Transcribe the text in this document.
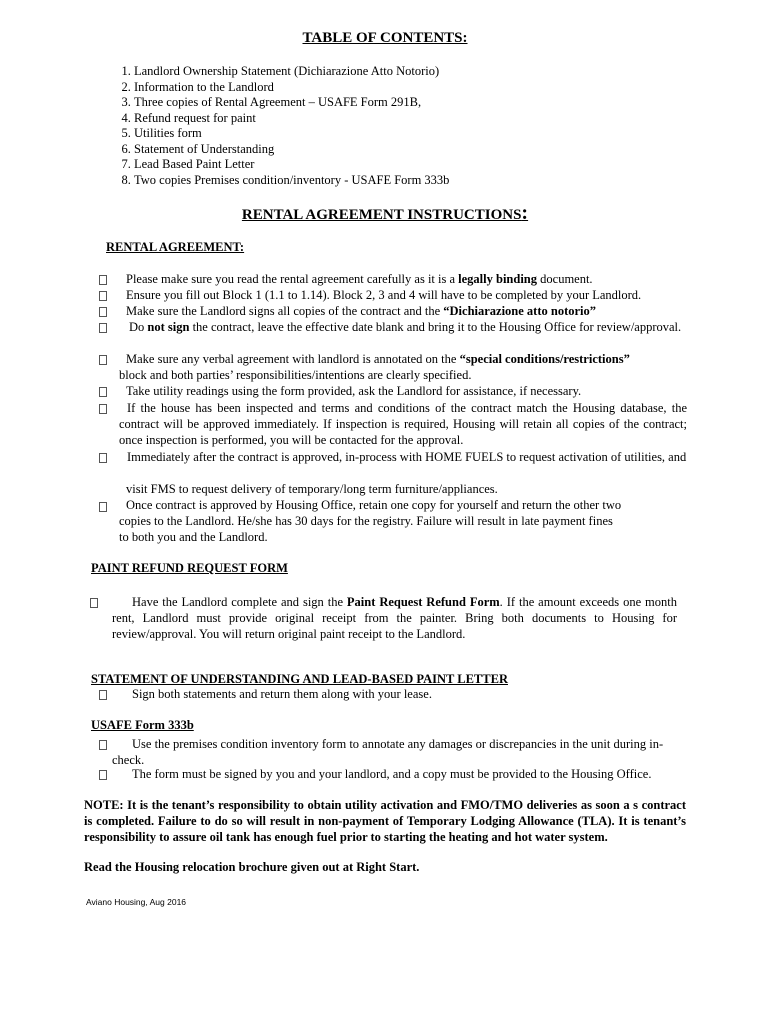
TABLE OF CONTENTS:
1. Landlord Ownership Statement (Dichiarazione Atto Notorio)
2. Information to the Landlord
3. Three copies of Rental Agreement – USAFE Form 291B,
4. Refund request for paint
5. Utilities form
6. Statement of Understanding
7. Lead Based Paint Letter
8. Two copies Premises condition/inventory - USAFE Form 333b
RENTAL AGREEMENT INSTRUCTIONS:
RENTAL AGREEMENT:
Please make sure you read the rental agreement carefully as it is a legally binding document.
Ensure you fill out Block 1 (1.1 to 1.14). Block 2, 3 and 4 will have to be completed by your Landlord.
Make sure the Landlord signs all copies of the contract and the “Dichiarazione atto notorio”
Do not sign the contract, leave the effective date blank and bring it to the Housing Office for review/approval.
Make sure any verbal agreement with landlord is annotated on the “special conditions/restrictions”
block and both parties’ responsibilities/intentions are clearly specified.
Take utility readings using the form provided, ask the Landlord for assistance, if necessary.
If the house has been inspected and terms and conditions of the contract match the Housing database, the contract will be approved immediately. If inspection is required, Housing will retain all copies of the contract; once inspection is performed, you will be contacted for the approval.
Immediately after the contract is approved, in-process with HOME FUELS to request activation of utilities, and
visit FMS to request delivery of temporary/long term furniture/appliances.
Once contract is approved by Housing Office, retain one copy for yourself and return the other two
copies to the Landlord. He/she has 30 days for the registry. Failure will result in late payment fines
to both you and the Landlord.
PAINT REFUND REQUEST FORM
Have the Landlord complete and sign the Paint Request Refund Form. If the amount exceeds one month rent, Landlord must provide original receipt from the painter. Bring both documents to Housing for review/approval. You will return original paint receipt to the Landlord.
STATEMENT OF UNDERSTANDING AND LEAD-BASED PAINT LETTER
Sign both statements and return them along with your lease.
USAFE Form 333b
Use the premises condition inventory form to annotate any damages or discrepancies in the unit during in-check.
The form must be signed by you and your landlord, and a copy must be provided to the Housing Office.
NOTE: It is the tenant’s responsibility to obtain utility activation and FMO/TMO deliveries as soon a s contract is completed. Failure to do so will result in non-payment of Temporary Lodging Allowance (TLA). It is tenant’s responsibility to assure oil tank has enough fuel prior to starting the heating and hot water system.
Read the Housing relocation brochure given out at Right Start.
Aviano Housing, Aug 2016
